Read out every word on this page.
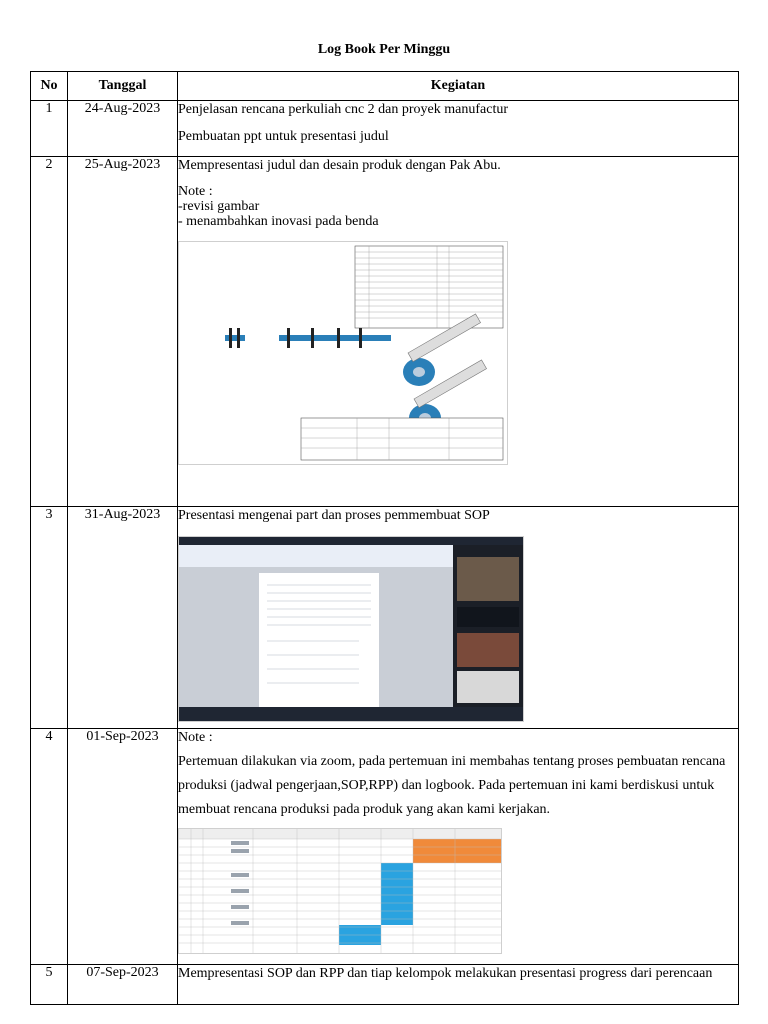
Log Book Per Minggu
No	Tanggal	Kegiatan
1	24-Aug-2023	Penjelasan rencana perkuliah cnc 2 dan proyek manufactur

Pembuatan ppt untuk presentasi judul

2	25-Aug-2023	Mempresentasi judul dan desain produk dengan Pak Abu.

Note :

-revisi gambar

- menambahkan inovasi pada benda

3	31-Aug-2023	Presentasi mengenai part dan proses pemmembuat SOP

4	01-Sep-2023	Note :

Pertemuan dilakukan via zoom, pada pertemuan ini membahas tentang proses pembuatan rencana produksi (jadwal pengerjaan,SOP,RPP) dan logbook. Pada pertemuan ini kami berdiskusi untuk membuat rencana produksi pada produk yang akan kami kerjakan.

5	07-Sep-2023	Mempresentasi SOP dan RPP dan tiap kelompok melakukan presentasi progress dari perencaan
